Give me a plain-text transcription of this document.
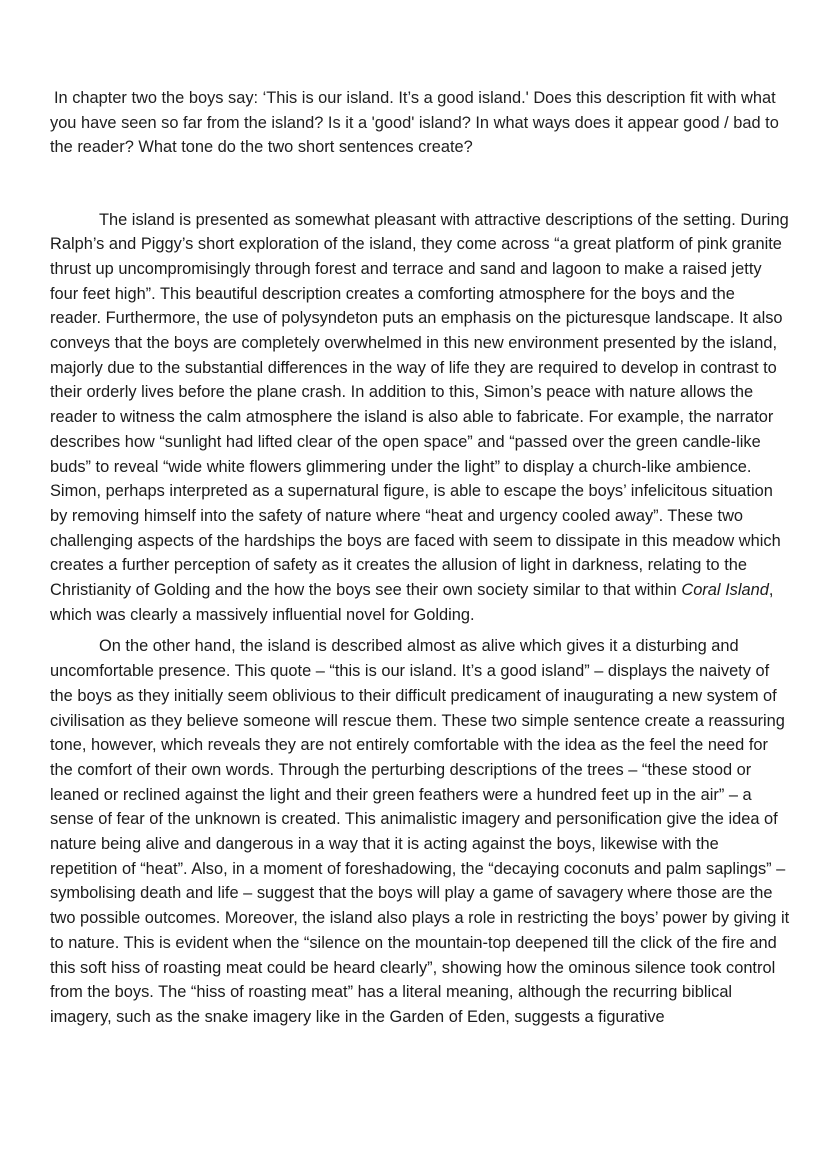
In chapter two the boys say: ‘This is our island. It’s a good island.' Does this description fit with what you have seen so far from the island? Is it a 'good' island? In what ways does it appear good / bad to the reader? What tone do the two short sentences create?

The island is presented as somewhat pleasant with attractive descriptions of the setting. During Ralph’s and Piggy’s short exploration of the island, they come across “a great platform of pink granite thrust up uncompromisingly through forest and terrace and sand and lagoon to make a raised jetty four feet high”. This beautiful description creates a comforting atmosphere for the boys and the reader. Furthermore, the use of polysyndeton puts an emphasis on the picturesque landscape. It also conveys that the boys are completely overwhelmed in this new environment presented by the island, majorly due to the substantial differences in the way of life they are required to develop in contrast to their orderly lives before the plane crash. In addition to this, Simon’s peace with nature allows the reader to witness the calm atmosphere the island is also able to fabricate. For example, the narrator describes how “sunlight had lifted clear of the open space” and “passed over the green candle-like buds” to reveal “wide white flowers glimmering under the light” to display a church-like ambience. Simon, perhaps interpreted as a supernatural figure, is able to escape the boys’ infelicitous situation by removing himself into the safety of nature where “heat and urgency cooled away”. These two challenging aspects of the hardships the boys are faced with seem to dissipate in this meadow which creates a further perception of safety as it creates the allusion of light in darkness, relating to the Christianity of Golding and the how the boys see their own society similar to that within Coral Island, which was clearly a massively influential novel for Golding.

On the other hand, the island is described almost as alive which gives it a disturbing and uncomfortable presence. This quote – “this is our island. It’s a good island” – displays the naivety of the boys as they initially seem oblivious to their difficult predicament of inaugurating a new system of civilisation as they believe someone will rescue them. These two simple sentence create a reassuring tone, however, which reveals they are not entirely comfortable with the idea as the feel the need for the comfort of their own words. Through the perturbing descriptions of the trees – “these stood or leaned or reclined against the light and their green feathers were a hundred feet up in the air” – a sense of fear of the unknown is created. This animalistic imagery and personification give the idea of nature being alive and dangerous in a way that it is acting against the boys, likewise with the repetition of “heat”. Also, in a moment of foreshadowing, the “decaying coconuts and palm saplings” – symbolising death and life – suggest that the boys will play a game of savagery where those are the two possible outcomes. Moreover, the island also plays a role in restricting the boys’ power by giving it to nature. This is evident when the “silence on the mountain-top deepened till the click of the fire and this soft hiss of roasting meat could be heard clearly”, showing how the ominous silence took control from the boys. The “hiss of roasting meat” has a literal meaning, although the recurring biblical imagery, such as the snake imagery like in the Garden of Eden, suggests a figurative
